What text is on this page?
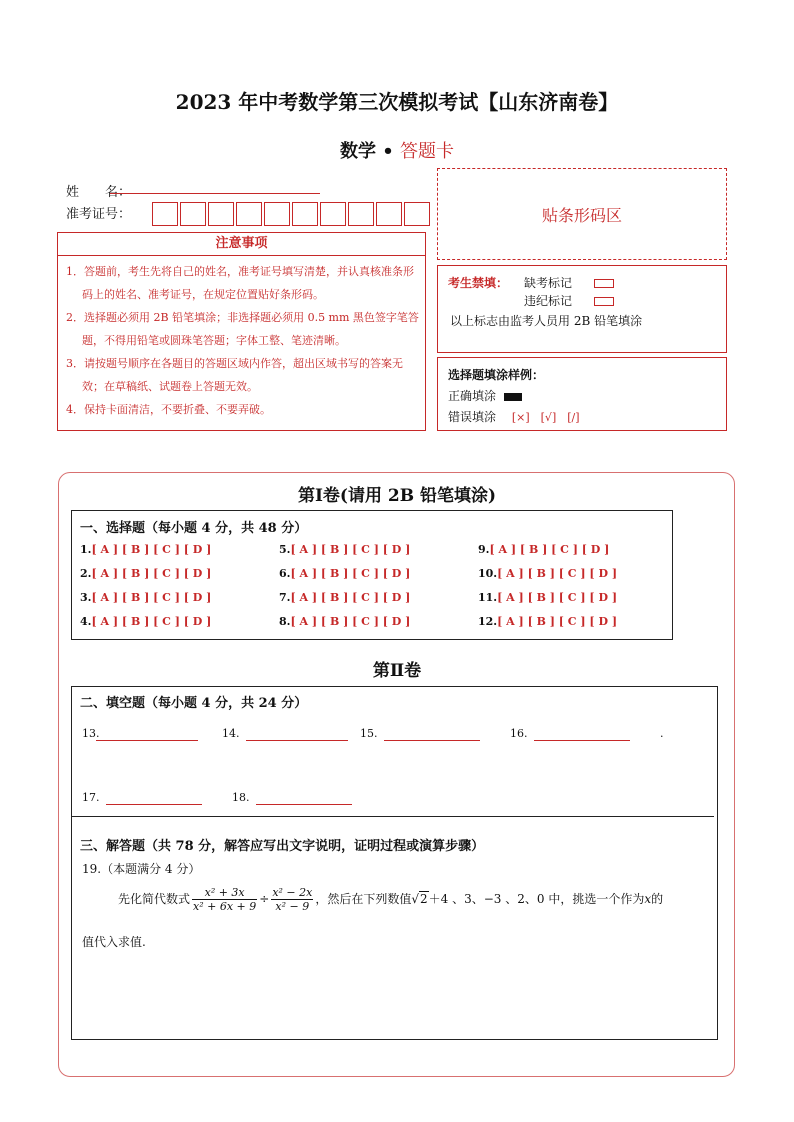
2023 年中考数学第三次模拟考试【山东济南卷】
数学 • 答题卡
姓　　名：
准考证号：	贴条形码区
注意事项
1．答题前，考生先将自己的姓名，准考证号填写清楚，并认真核准条形码上的姓名、准考证号，在规定位置贴好条形码。
2．选择题必须用 2B 铅笔填涂；非选择题必须用 0.5 mm 黑色签字笔答题，不得用铅笔或圆珠笔答题；字体工整、笔迹清晰。
3．请按题号顺序在各题目的答题区域内作答，超出区域书写的答案无效；在草稿纸、试题卷上答题无效。
4．保持卡面清洁，不要折叠、不要弄破。
考生禁填： 缺考标记
违纪标记
以上标志由监考人员用 2B 铅笔填涂
选择题填涂样例：
正确填涂
错误填涂 [×]　[√]　[/]
第Ⅰ卷(请用 2B 铅笔填涂)
一、选择题（每小题 4 分，共 48 分）
1.[ A ] [ B ] [ C ] [ D ]
2.[ A ] [ B ] [ C ] [ D ]
3.[ A ] [ B ] [ C ] [ D ]
4.[ A ] [ B ] [ C ] [ D ]
5.[ A ] [ B ] [ C ] [ D ]
6.[ A ] [ B ] [ C ] [ D ]
7.[ A ] [ B ] [ C ] [ D ]
8.[ A ] [ B ] [ C ] [ D ]
9.[ A ] [ B ] [ C ] [ D ]
10.[ A ] [ B ] [ C ] [ D ]
11.[ A ] [ B ] [ C ] [ D ]
12.[ A ] [ B ] [ C ] [ D ]
第Ⅱ卷
二、填空题（每小题 4 分，共 24 分）
13.	14.	15.	16.	.
17.	18.
三、解答题（共 78 分，解答应写出文字说明，证明过程或演算步骤）
19.（本题满分 4 分）
先化简代数式 $\frac{\text{x² + 3x}}{\text{x² + 6x + 9}} \div \frac{\text{x² − 2x}}{\text{x² − 9}}$ ，然后在下列数值√2＋4 、3、−3 、2、0 中，挑选一个作为x的
值代入求值.
